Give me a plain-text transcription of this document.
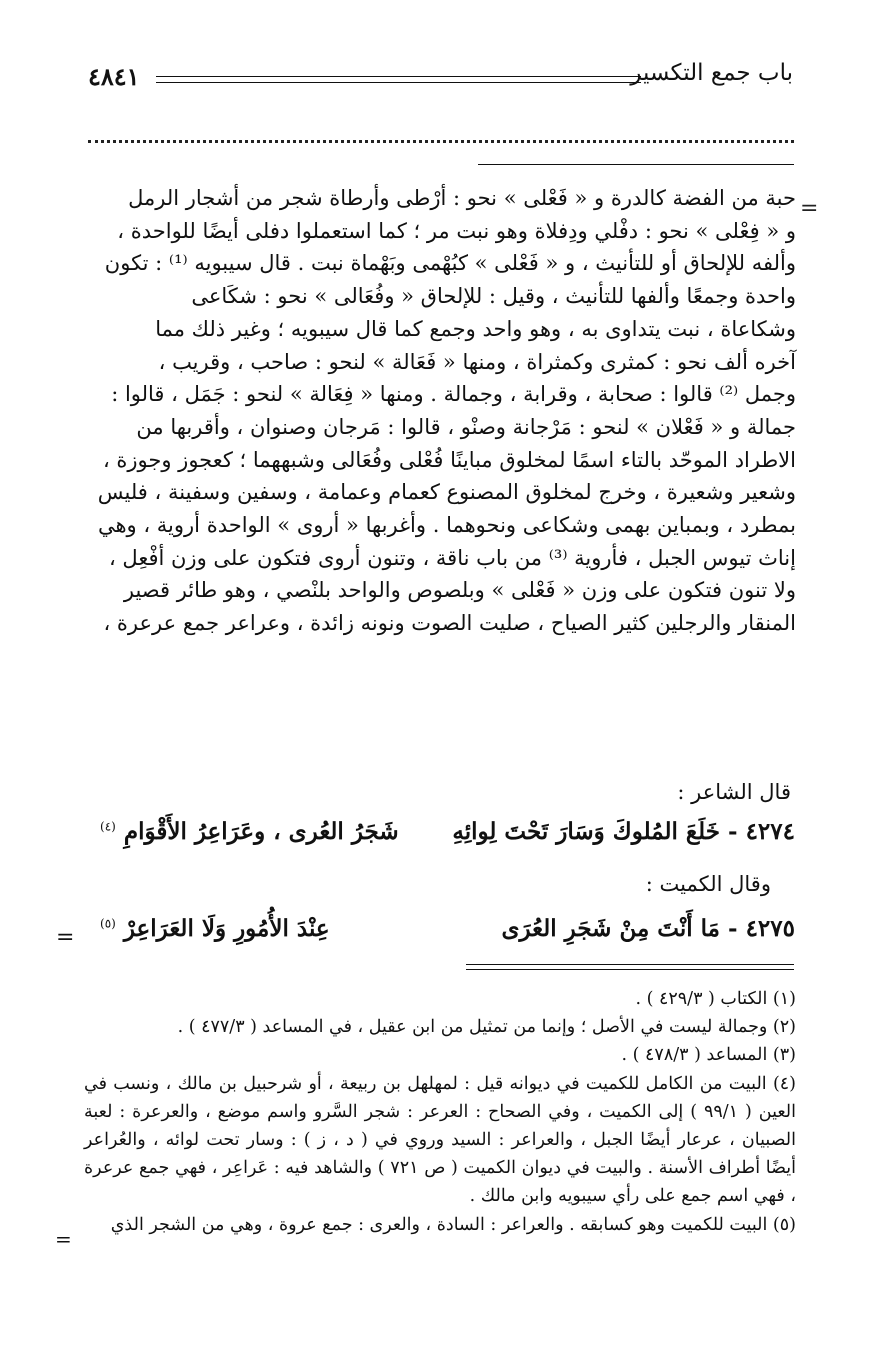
باب جمع التكسير
٤٨٤١
=

حبة من الفضة كالدرة و « فَعْلى » نحو : أرْطى وأرطاة شجر من أشجار الرمل

و « فِعْلى » نحو : دفْلي ودِفلاة وهو نبت مر ؛ كما استعملوا دفلى أيضًا للواحدة ،

وألفه للإلحاق أو للتأنيث ، و « فَعْلى » كبُهْمى وبَهْماة نبت . قال سيبويه ⁽¹⁾ : تكون

واحدة وجمعًا وألفها للتأنيث ، وقيل : للإلحاق « وفُعَالى » نحو : شكَاعى

وشكاعاة ، نبت يتداوى به ، وهو واحد وجمع كما قال سيبويه ؛ وغير ذلك مما

آخره ألف نحو : كمثرى وكمثراة ، ومنها « فَعَالة » لنحو : صاحب ، وقريب ،

وجمل ⁽²⁾ قالوا : صحابة ، وقرابة ، وجمالة . ومنها « فِعَالة » لنحو : جَمَل ، قالوا :

جمالة و « فَعْلان » لنحو : مَرْجانة وصنْو ، قالوا : مَرجان وصنوان ، وأقربها من

الاطراد الموحّد بالتاء اسمًا لمخلوق مباينًا فُعْلى وفُعَالى وشبههما ؛ كعجوز وجوزة ،

وشعير وشعيرة ، وخرج لمخلوق المصنوع كعمام وعمامة ، وسفين وسفينة ، فليس

بمطرد ، وبمباين بهمى وشكاعى ونحوهما . وأغربها « أروى » الواحدة أروية ، وهي

إناث تيوس الجبل ، فأروية ⁽³⁾ من باب ناقة ، وتنون أروى فتكون على وزن أفْعِل ،

ولا تنون فتكون على وزن « فَعْلى » وبلصوص والواحد بلنْصي ، وهو طائر قصير

المنقار والرجلين كثير الصياح ، صليت الصوت ونونه زائدة ، وعراعر جمع عرعرة ،

قال الشاعر :
٤٢٧٤ - خَلَعَ المُلوكَ وَسَارَ تَحْتَ لِوائِهِ
شَجَرُ العُرى ، وعَرَاعِرُ الأَقْوَامِ $^{(٤)}$
وقال الكميت :
٤٢٧٥ - مَا أَنْتَ مِنْ شَجَرِ العُرَى
عِنْدَ الأُمُورِ وَلَا العَرَاعِرْ $^{(٥)}$
=

(١) الكتاب ( ٤٢٩/٣ ) .

(٢) وجمالة ليست في الأصل ؛ وإنما من تمثيل من ابن عقيل ، في المساعد ( ٤٧٧/٣ ) .

(٣) المساعد ( ٤٧٨/٣ ) .

(٤) البيت من الكامل للكميت في ديوانه قيل : لمهلهل بن ربيعة ، أو شرحبيل بن مالك ، ونسب في العين ( ٩٩/١ ) إلى الكميت ، وفي الصحاح : العرعر : شجر السَّرو واسم موضع ، والعرعرة : لعبة الصبيان ، عرعار أيضًا الجبل ، والعراعر : السيد وروي في ( د ، ز ) : وسار تحت لوائه ، والعُراعر أيضًا أطراف الأسنة . والبيت في ديوان الكميت ( ص ٧٢١ ) والشاهد فيه : عَراعِر ، فهي جمع عرعرة ، فهي اسم جمع على رأي سيبويه وابن مالك .

(٥) البيت للكميت وهو كسابقه . والعراعر : السادة ، والعرى : جمع عروة ، وهي من الشجر الذي

=
